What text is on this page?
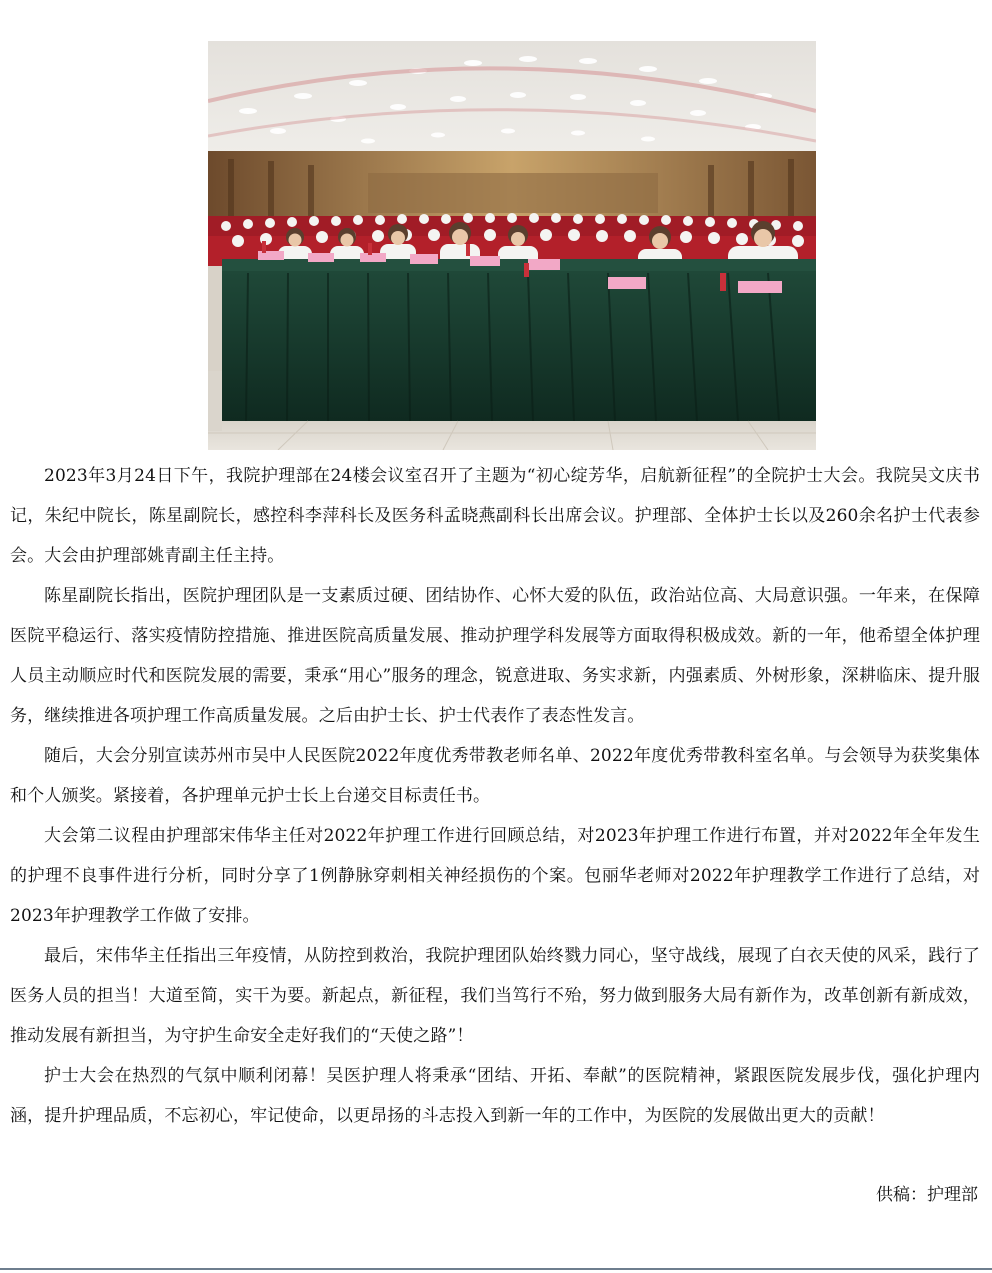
2023年3月24日下午，我院护理部在24楼会议室召开了主题为“初心绽芳华，启航新征程”的全院护士大会。我院吴文庆书记，朱纪中院长，陈星副院长，感控科李萍科长及医务科孟晓燕副科长出席会议。护理部、全体护士长以及260余名护士代表参会。大会由护理部姚青副主任主持。

陈星副院长指出，医院护理团队是一支素质过硬、团结协作、心怀大爱的队伍，政治站位高、大局意识强。一年来，在保障医院平稳运行、落实疫情防控措施、推进医院高质量发展、推动护理学科发展等方面取得积极成效。新的一年，他希望全体护理人员主动顺应时代和医院发展的需要，秉承“用心”服务的理念，锐意进取、务实求新，内强素质、外树形象，深耕临床、提升服务，继续推进各项护理工作高质量发展。之后由护士长、护士代表作了表态性发言。

随后，大会分别宣读苏州市吴中人民医院2022年度优秀带教老师名单、2022年度优秀带教科室名单。与会领导为获奖集体和个人颁奖。紧接着，各护理单元护士长上台递交目标责任书。

大会第二议程由护理部宋伟华主任对2022年护理工作进行回顾总结，对2023年护理工作进行布置，并对2022年全年发生的护理不良事件进行分析，同时分享了1例静脉穿刺相关神经损伤的个案。包丽华老师对2022年护理教学工作进行了总结，对2023年护理教学工作做了安排。

最后，宋伟华主任指出三年疫情，从防控到救治，我院护理团队始终戮力同心，坚守战线，展现了白衣天使的风采，践行了医务人员的担当！大道至简，实干为要。新起点，新征程，我们当笃行不殆，努力做到服务大局有新作为，改革创新有新成效，推动发展有新担当，为守护生命安全走好我们的“天使之路”！

护士大会在热烈的气氛中顺利闭幕！吴医护理人将秉承“团结、开拓、奉献”的医院精神，紧跟医院发展步伐，强化护理内涵，提升护理品质，不忘初心，牢记使命，以更昂扬的斗志投入到新一年的工作中，为医院的发展做出更大的贡献！

供稿：护理部
